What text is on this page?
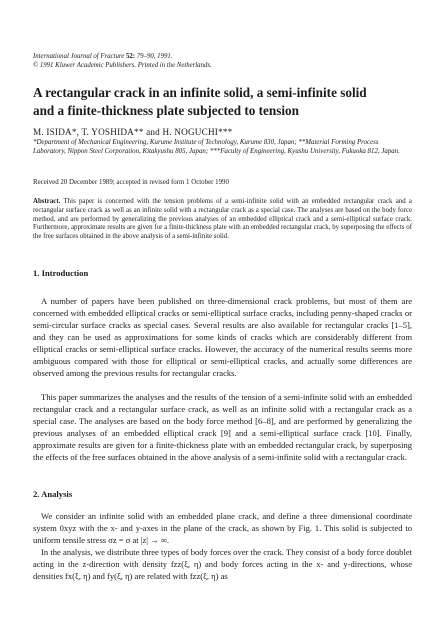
International Journal of Fracture 52: 79–90, 1991.
© 1991 Kluwer Academic Publishers. Printed in the Netherlands.
A rectangular crack in an infinite solid, a semi-infinite solid
and a finite-thickness plate subjected to tension
M. ISIDA*, T. YOSHIDA** and H. NOGUCHI***
*Department of Mechanical Engineering, Kurume Institute of Technology, Kurume 830, Japan; **Material Forming Process Laboratory, Nippon Steel Corporation, Kitakyushu 805, Japan; ***Faculty of Engineering, Kyushu University, Fukuoka 812, Japan.
Received 20 December 1989; accepted in revised form 1 October 1990

Abstract. This paper is concerned with the tension problems of a semi-infinite solid with an embedded rectangular crack and a rectangular surface crack as well as an infinite solid with a rectangular crack as a special case. The analyses are based on the body force method, and are performed by generalizing the previous analyses of an embedded elliptical crack and a semi-elliptical surface crack. Furthermore, approximate results are given for a finite-thickness plate with an embedded rectangular crack, by superposing the effects of the free surfaces obtained in the above analysis of a semi-infinite solid.

1. Introduction

A number of papers have been published on three-dimensional crack problems, but most of them are concerned with embedded elliptical cracks or semi-elliptical surface cracks, including penny-shaped cracks or semi-circular surface cracks as special cases. Several results are also available for rectangular cracks [1–5], and they can be used as approximations for some kinds of cracks which are considerably different from elliptical cracks or semi-elliptical surface cracks. However, the accuracy of the numerical results seems more ambiguous compared with those for elliptical or semi-elliptical cracks, and actually some differences are observed among the previous results for rectangular cracks.

This paper summarizes the analyses and the results of the tension of a semi-infinite solid with an embedded rectangular crack and a rectangular surface crack, as well as an infinite solid with a rectangular crack as a special case. The analyses are based on the body force method [6–8], and are performed by generalizing the previous analyses of an embedded elliptical crack [9] and a semi-elliptical surface crack [10]. Finally, approximate results are given for a finite-thickness plate with an embedded rectangular crack, by superposing the effects of the free surfaces obtained in the above analysis of a semi-infinite solid with a rectangular crack.

2. Analysis

We consider an infinite solid with an embedded plane crack, and define a three dimensional coordinate system 0xyz with the x- and y-axes in the plane of the crack, as shown by Fig. 1. This solid is subjected to uniform tensile stress σz = σ at |z| → ∞.

In the analysis, we distribute three types of body forces over the crack. They consist of a body force doublet acting in the z-direction with density fzz(ξ, η) and body forces acting in the x- and y-directions, whose densities fx(ξ, η) and fy(ξ, η) are related with fzz(ξ, η) as
